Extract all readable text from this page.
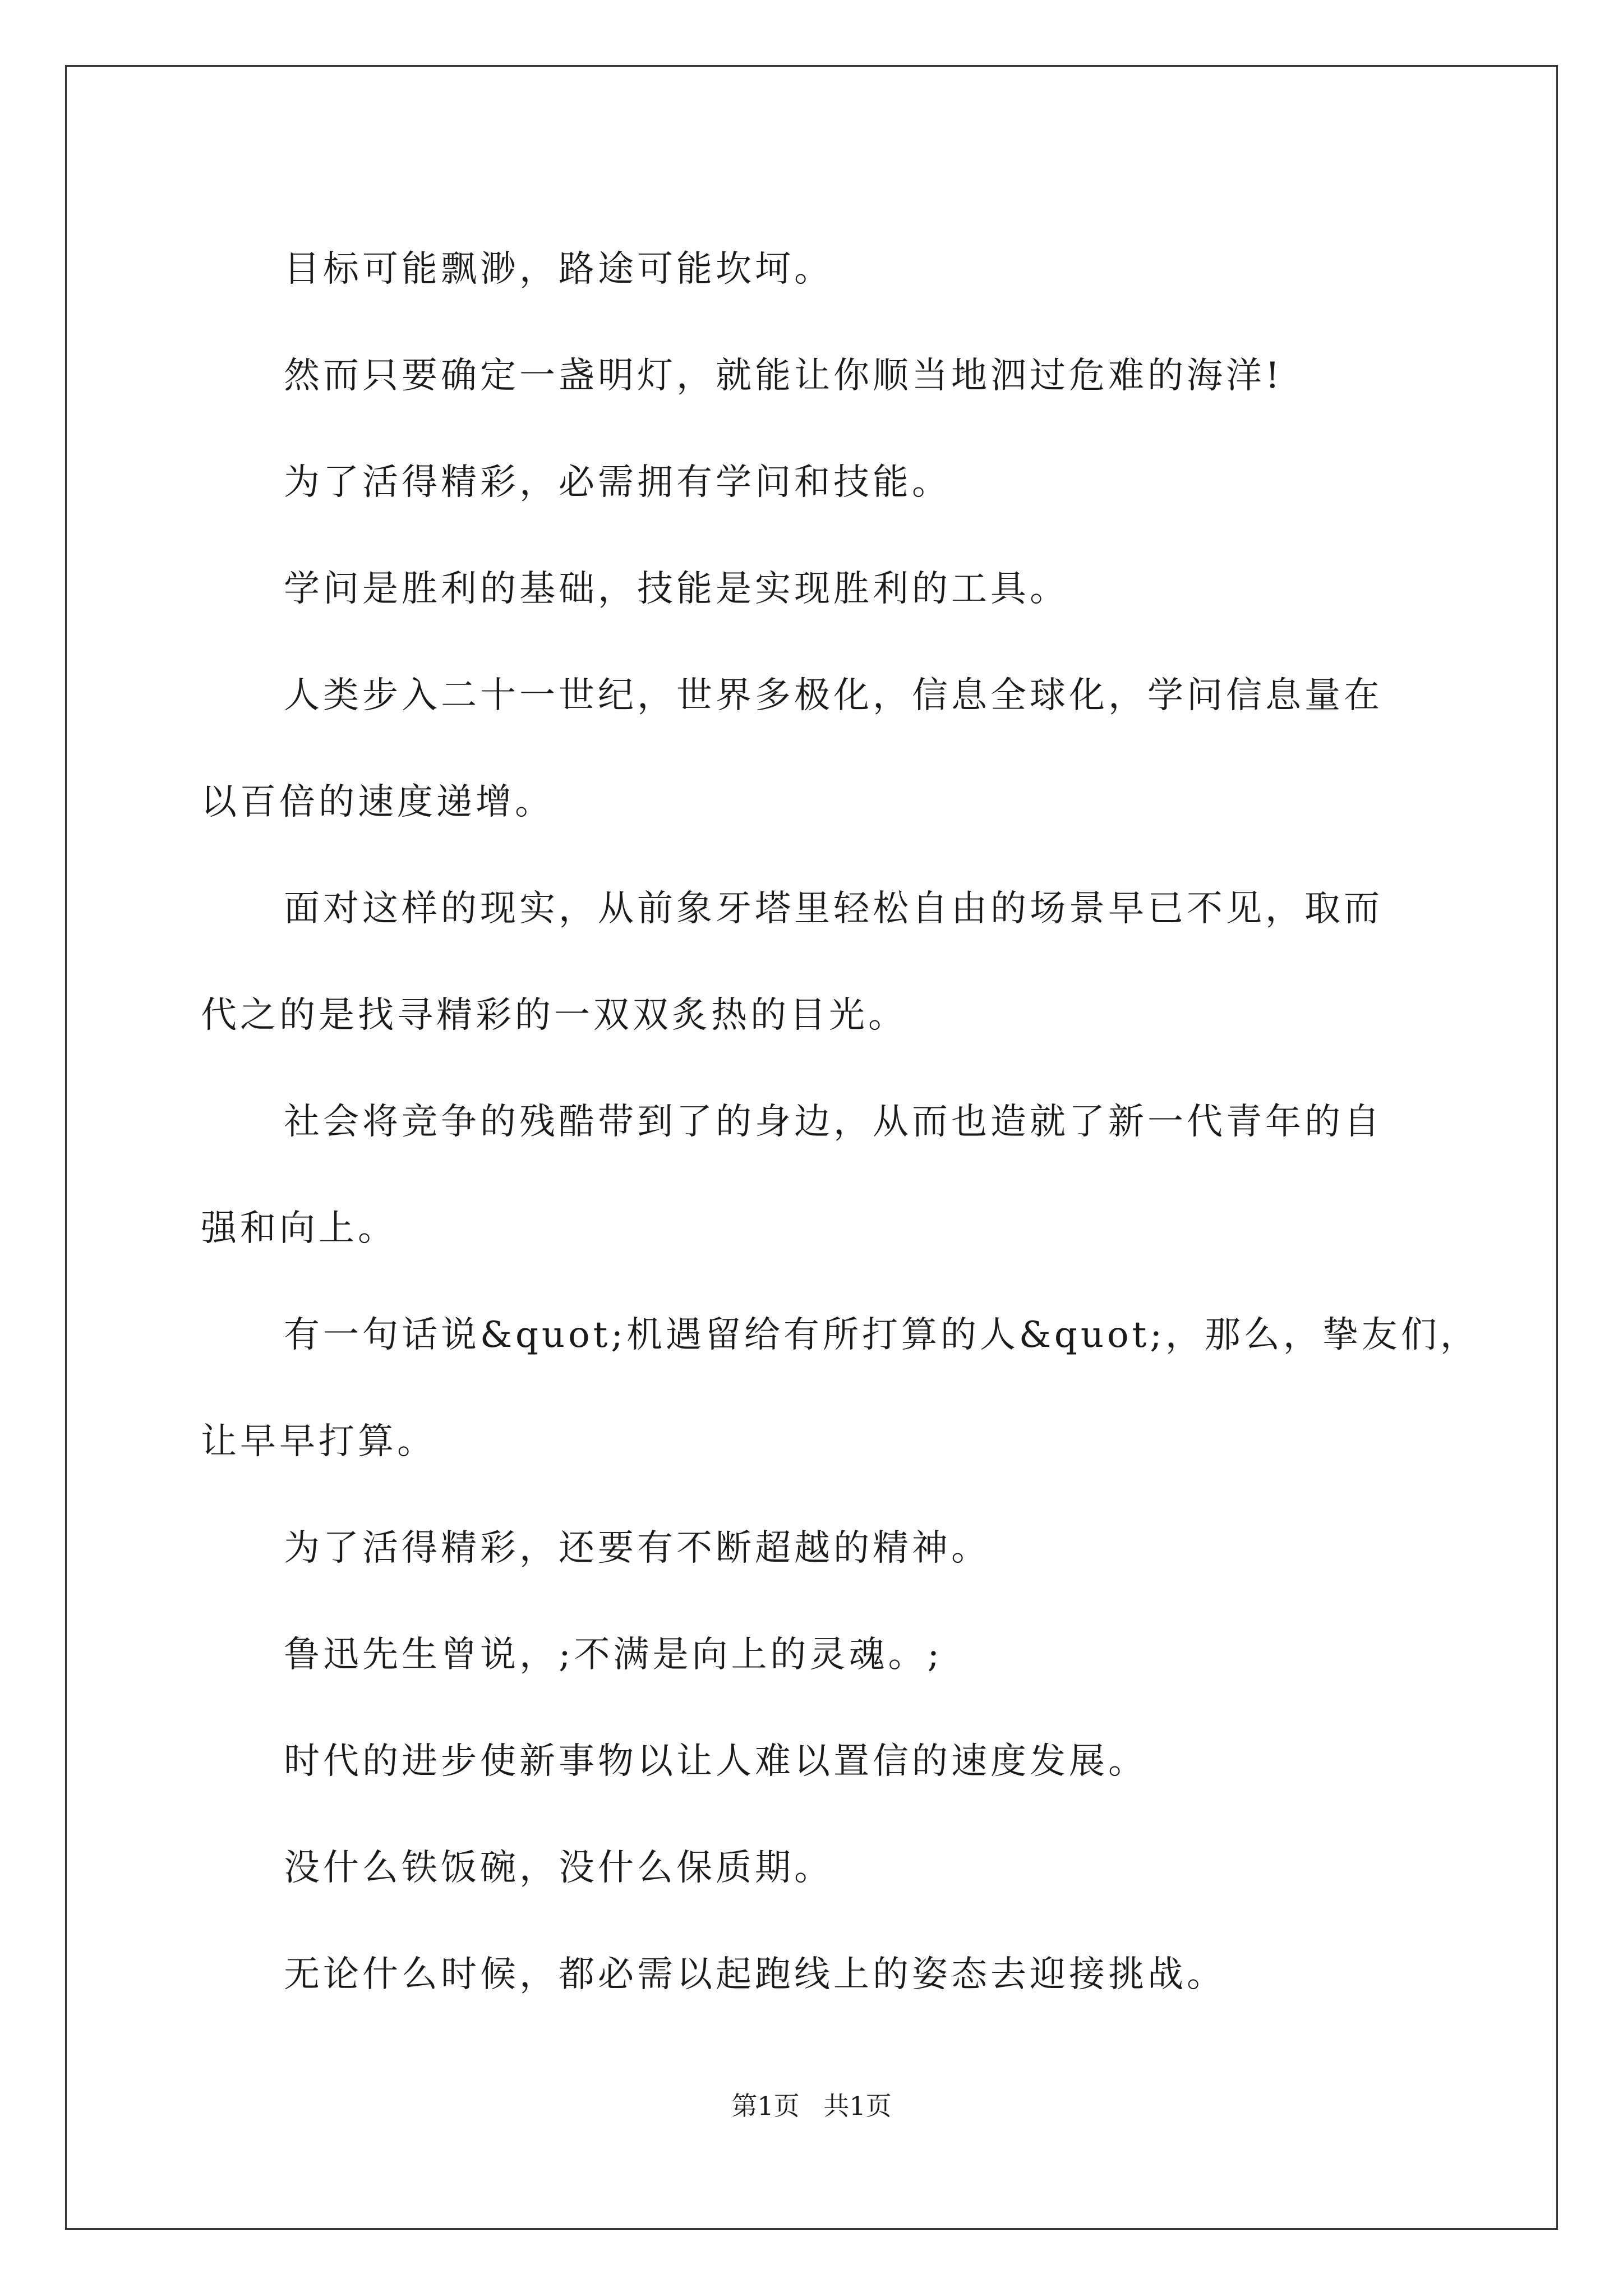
目标可能飘渺，路途可能坎坷。

然而只要确定一盏明灯，就能让你顺当地泗过危难的海洋!

为了活得精彩，必需拥有学问和技能。

学问是胜利的基础，技能是实现胜利的工具。

人类步入二十一世纪，世界多极化，信息全球化，学问信息量在
以百倍的速度递增。

面对这样的现实，从前象牙塔里轻松自由的场景早已不见，取而
代之的是找寻精彩的一双双炙热的目光。

社会将竞争的残酷带到了的身边，从而也造就了新一代青年的自
强和向上。

有一句话说&quot;机遇留给有所打算的人&quot;，那么，挚友们，
让早早打算。

为了活得精彩，还要有不断超越的精神。

鲁迅先生曾说，;不满是向上的灵魂。;

时代的进步使新事物以让人难以置信的速度发展。

没什么铁饭碗，没什么保质期。

无论什么时候，都必需以起跑线上的姿态去迎接挑战。

第1页 共1页
